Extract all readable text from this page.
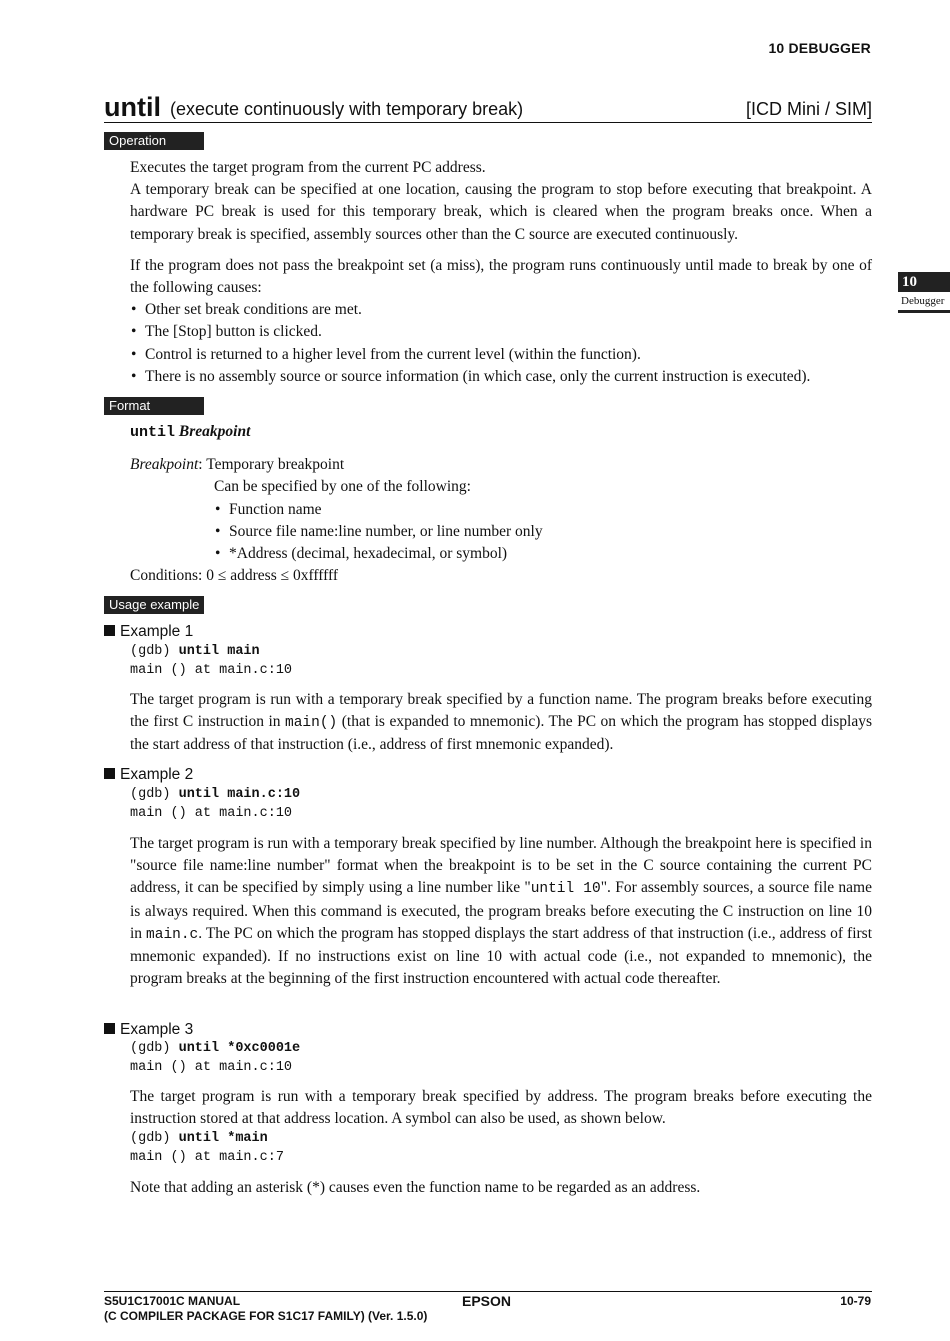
10 DEBUGGER
until (execute continuously with temporary break)	[ICD Mini / SIM]
10
Debugger
Operation

Executes the target program from the current PC address.

A temporary break can be specified at one location, causing the program to stop before executing that breakpoint. A hardware PC break is used for this temporary break, which is cleared when the program breaks once. When a temporary break is specified, assembly sources other than the C source are executed continuously.

If the program does not pass the breakpoint set (a miss), the program runs continuously until made to break by one of the following causes:

• Other set break conditions are met.
• The [Stop] button is clicked.
• Control is returned to a higher level from the current level (within the function).
• There is no assembly source or source information (in which case, only the current instruction is executed).
Format

until Breakpoint

Breakpoint: Temporary breakpoint
Can be specified by one of the following:
• Function name
• Source file name:line number, or line number only
• *Address (decimal, hexadecimal, or symbol)
Conditions: 0 ≤ address ≤ 0xffffff
Usage example
Example 1
(gdb) until main
main () at main.c:10

The target program is run with a temporary break specified by a function name. The program breaks before executing the first C instruction in main() (that is expanded to mnemonic). The PC on which the program has stopped displays the start address of that instruction (i.e., address of first mnemonic expanded).

Example 2
(gdb) until main.c:10
main () at main.c:10

The target program is run with a temporary break specified by line number. Although the breakpoint here is specified in "source file name:line number" format when the breakpoint is to be set in the C source containing the current PC address, it can be specified by simply using a line number like "until 10". For assembly sources, a source file name is always required. When this command is executed, the program breaks before executing the C instruction on line 10 in main.c. The PC on which the program has stopped displays the start address of that instruction (i.e., address of first mnemonic expanded). If no instructions exist on line 10 with actual code (i.e., not expanded to mnemonic), the program breaks at the beginning of the first instruction encountered with actual code thereafter.

Example 3
(gdb) until *0xc0001e
main () at main.c:10

The target program is run with a temporary break specified by address. The program breaks before executing the instruction stored at that address location. A symbol can also be used, as shown below.

(gdb) until *main
main () at main.c:7

Note that adding an asterisk (*) causes even the function name to be regarded as an address.

S5U1C17001C MANUAL
(C COMPILER PACKAGE FOR S1C17 FAMILY) (Ver. 1.5.0)
EPSON	10-79
